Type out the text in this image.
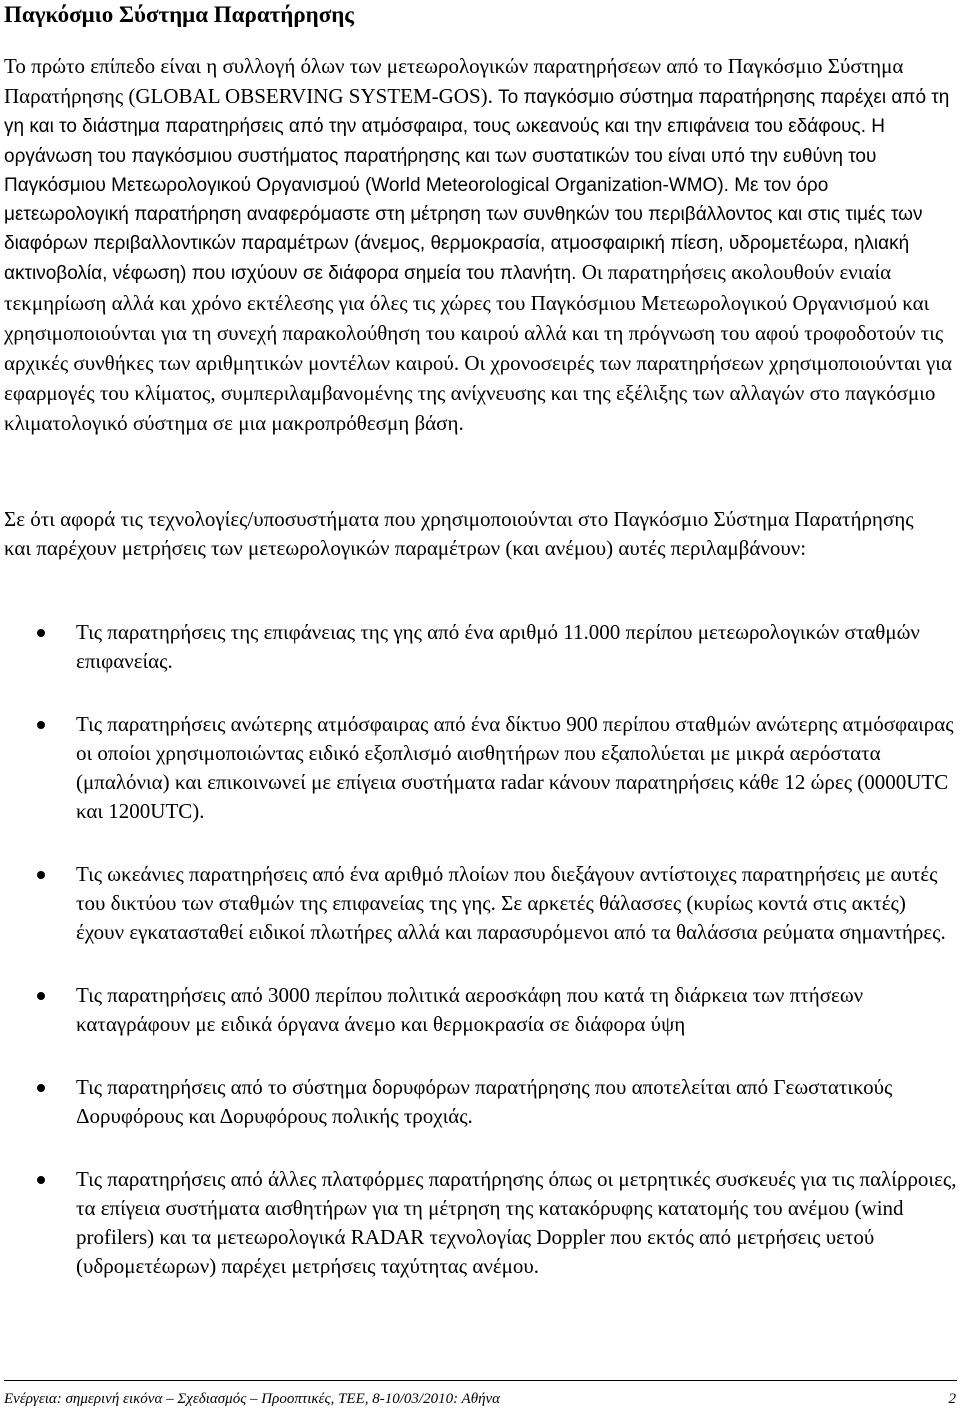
Παγκόσμιο Σύστημα Παρατήρησης

Το πρώτο επίπεδο είναι η συλλογή όλων των μετεωρολογικών παρατηρήσεων από το Παγκόσμιο Σύστημα Παρατήρησης (GLOBAL OBSERVING SYSTEM-GOS). Το παγκόσμιο σύστημα παρατήρησης παρέχει από τη γη και το διάστημα παρατηρήσεις από την ατμόσφαιρα, τους ωκεανούς και την επιφάνεια του εδάφους. Η οργάνωση του παγκόσμιου συστήματος παρατήρησης και των συστατικών του είναι υπό την ευθύνη του Παγκόσμιου Μετεωρολογικού Οργανισμού (World Meteorological Organization-WMO). Με τον όρο μετεωρολογική παρατήρηση αναφερόμαστε στη μέτρηση των συνθηκών του περιβάλλοντος και στις τιμές των διαφόρων περιβαλλοντικών παραμέτρων (άνεμος, θερμοκρασία, ατμοσφαιρική πίεση, υδρομετέωρα, ηλιακή ακτινοβολία, νέφωση) που ισχύουν σε διάφορα σημεία του πλανήτη. Οι παρατηρήσεις ακολουθούν ενιαία τεκμηρίωση αλλά και χρόνο εκτέλεσης για όλες τις χώρες του Παγκόσμιου Μετεωρολογικού Οργανισμού και χρησιμοποιούνται για τη συνεχή παρακολούθηση του καιρού αλλά και τη πρόγνωση του αφού τροφοδοτούν τις αρχικές συνθήκες των αριθμητικών μοντέλων καιρού. Οι χρονοσειρές των παρατηρήσεων χρησιμοποιούνται για εφαρμογές του κλίματος, συμπεριλαμβανομένης της ανίχνευσης και της εξέλιξης των αλλαγών στο παγκόσμιο κλιματολογικό σύστημα σε μια μακροπρόθεσμη βάση.

Σε ότι αφορά τις τεχνολογίες/υποσυστήματα που χρησιμοποιούνται στο Παγκόσμιο Σύστημα Παρατήρησης και παρέχουν μετρήσεις των μετεωρολογικών παραμέτρων (και ανέμου) αυτές περιλαμβάνουν:

Τις παρατηρήσεις της επιφάνειας της γης από ένα αριθμό 11.000 περίπου μετεωρολογικών σταθμών επιφανείας.
Τις παρατηρήσεις ανώτερης ατμόσφαιρας από ένα δίκτυο 900 περίπου σταθμών ανώτερης ατμόσφαιρας οι οποίοι χρησιμοποιώντας ειδικό εξοπλισμό αισθητήρων που εξαπολύεται με μικρά αερόστατα (μπαλόνια) και επικοινωνεί με επίγεια συστήματα radar κάνουν παρατηρήσεις κάθε 12 ώρες (0000UTC και 1200UTC).
Τις ωκεάνιες παρατηρήσεις από ένα αριθμό πλοίων που διεξάγουν αντίστοιχες παρατηρήσεις με αυτές του δικτύου των σταθμών της επιφανείας της γης. Σε αρκετές θάλασσες (κυρίως κοντά στις ακτές) έχουν εγκατασταθεί ειδικοί πλωτήρες αλλά και παρασυρόμενοι από τα θαλάσσια ρεύματα σημαντήρες.
Τις παρατηρήσεις από 3000 περίπου πολιτικά αεροσκάφη που κατά τη διάρκεια των πτήσεων καταγράφουν με ειδικά όργανα άνεμο και θερμοκρασία σε διάφορα ύψη
Τις παρατηρήσεις από το σύστημα δορυφόρων παρατήρησης που αποτελείται από Γεωστατικούς Δορυφόρους και Δορυφόρους πολικής τροχιάς.
Τις παρατηρήσεις από άλλες πλατφόρμες παρατήρησης όπως οι μετρητικές συσκευές για τις παλίρροιες, τα επίγεια συστήματα αισθητήρων για τη μέτρηση της κατακόρυφης κατατομής του ανέμου (wind profilers) και τα μετεωρολογικά RADAR τεχνολογίας Doppler που εκτός από μετρήσεις υετού (υδρομετέωρων) παρέχει μετρήσεις ταχύτητας ανέμου.
Ενέργεια: σημερινή εικόνα – Σχεδιασμός – Προοπτικές, ΤΕΕ, 8-10/03/2010: Αθήνα	2
